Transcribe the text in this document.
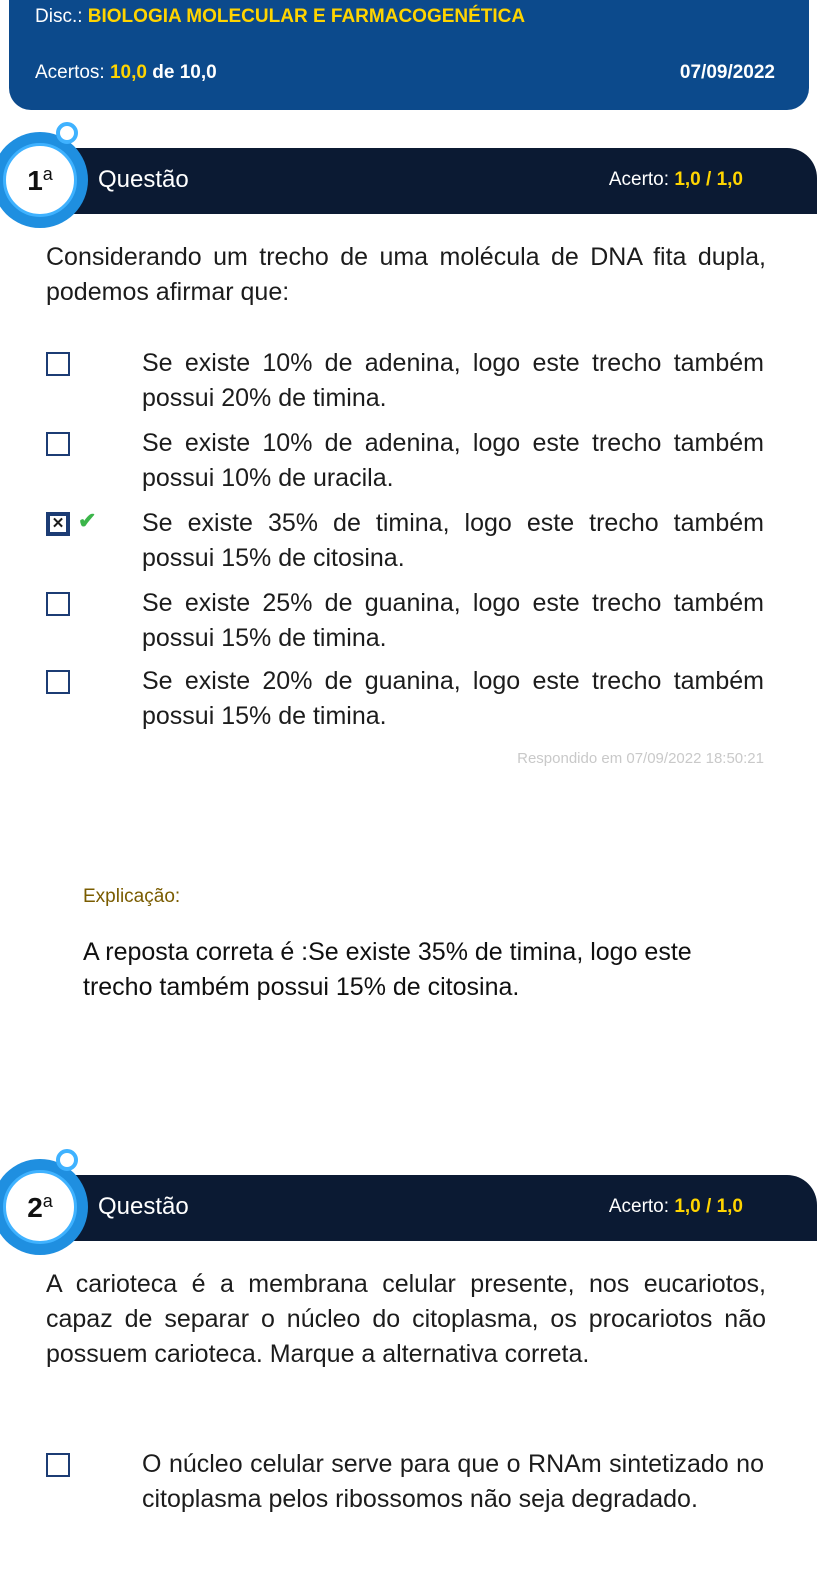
Disc.: BIOLOGIA MOLECULAR E FARMACOGENÉTICA
Acertos: 10,0 de 10,0	07/09/2022
1$^a$ Questão	Acerto: 1,0 / 1,0
Considerando um trecho de uma molécula de DNA fita dupla, podemos afirmar que:
Se existe 10% de adenina, logo este trecho também possui 20% de timina.
Se existe 10% de adenina, logo este trecho também possui 10% de uracila.
✕ ✔ Se existe 35% de timina, logo este trecho também possui 15% de citosina.
Se existe 25% de guanina, logo este trecho também possui 15% de timina.
Se existe 20% de guanina, logo este trecho também possui 15% de timina.
Respondido em 07/09/2022 18:50:21
Explicação:
A reposta correta é :Se existe 35% de timina, logo este trecho também possui 15% de citosina.
2$^a$ Questão	Acerto: 1,0 / 1,0
A carioteca é a membrana celular presente, nos eucariotos, capaz de separar o núcleo do citoplasma, os procariotos não possuem carioteca. Marque a alternativa correta.
O núcleo celular serve para que o RNAm sintetizado no citoplasma pelos ribossomos não seja degradado.
